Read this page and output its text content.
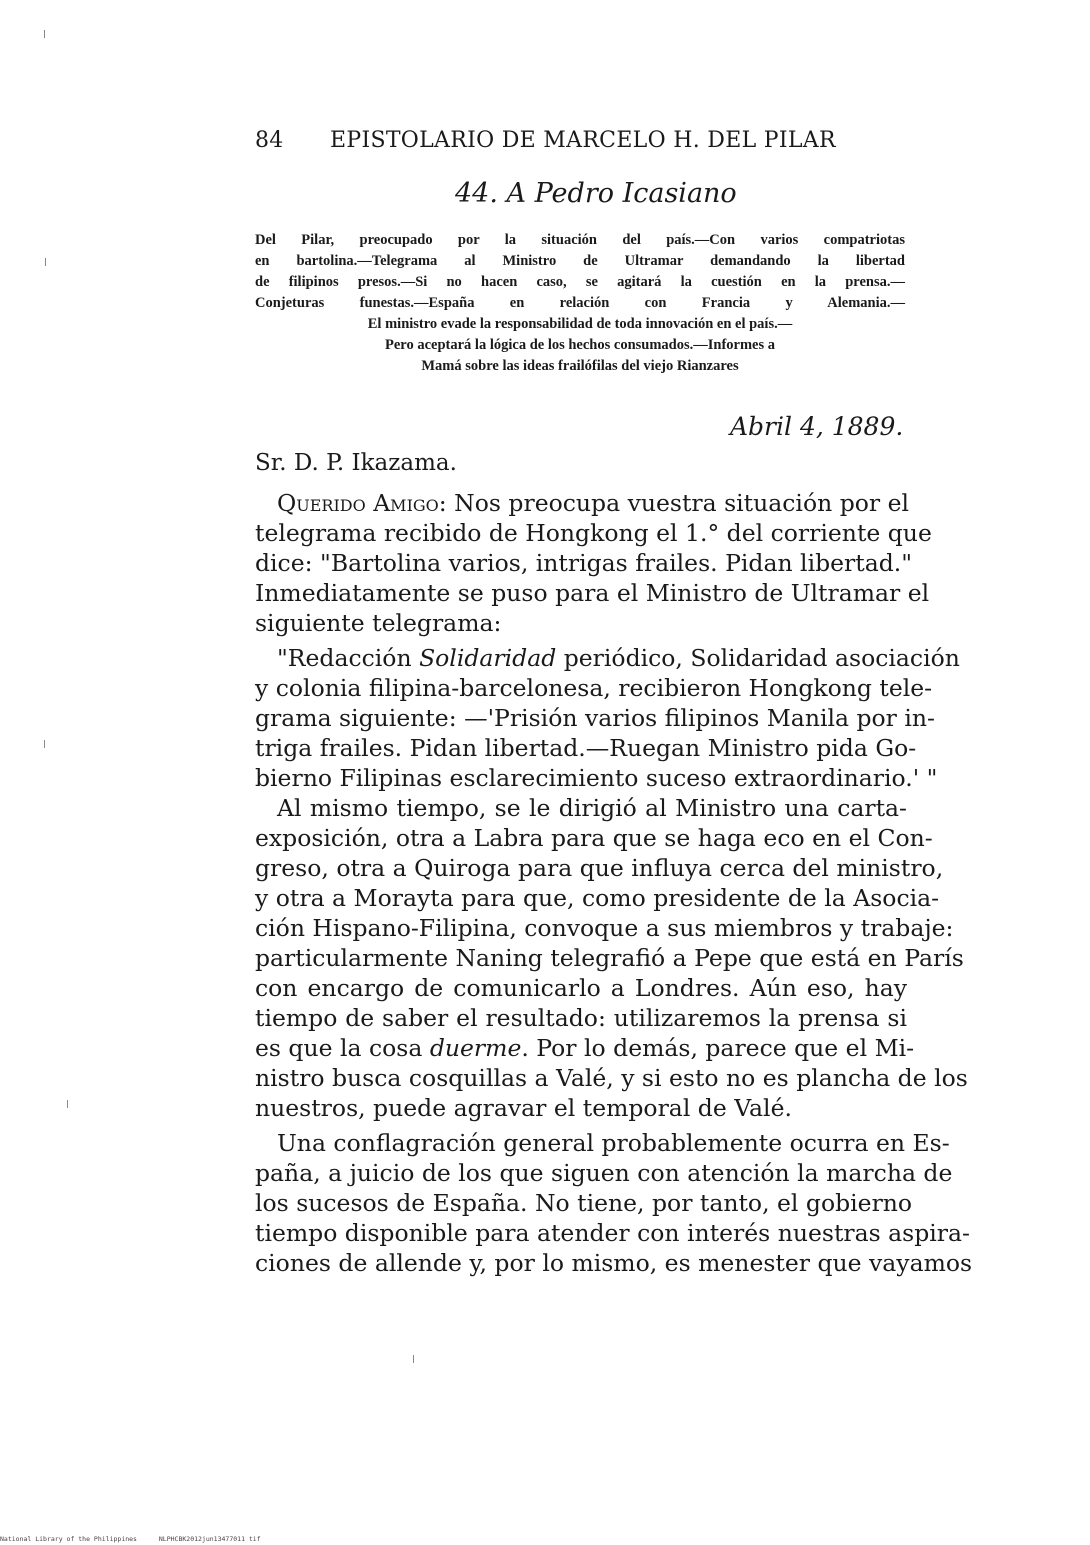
84 EPISTOLARIO DE MARCELO H. DEL PILAR
44. A Pedro Icasiano
Del Pilar, preocupado por la situación del país.—Con varios compatriotas
en bartolina.—Telegrama al Ministro de Ultramar demandando la libertad
de filipinos presos.—Si no hacen caso, se agitará la cuestión en la prensa.—
Conjeturas funestas.—España en relación con Francia y Alemania.—
El ministro evade la responsabilidad de toda innovación en el país.—
Pero aceptará la lógica de los hechos consumados.—Informes a
Mamá sobre las ideas frailófilas del viejo Rianzares
Abril 4, 1889.
Sr. D. P. Ikazama.
Querido Amigo: Nos preocupa vuestra situación por el
telegrama recibido de Hongkong el 1.° del corriente que
dice: "Bartolina varios, intrigas frailes. Pidan libertad."
Inmediatamente se puso para el Ministro de Ultramar el
siguiente telegrama:
"Redacción Solidaridad periódico, Solidaridad asociación
y colonia filipina-barcelonesa, recibieron Hongkong tele-
grama siguiente: —'Prisión varios filipinos Manila por in-
triga frailes. Pidan libertad.—Ruegan Ministro pida Go-
bierno Filipinas esclarecimiento suceso extraordinario.' "
Al mismo tiempo, se le dirigió al Ministro una carta-
exposición, otra a Labra para que se haga eco en el Con-
greso, otra a Quiroga para que influya cerca del ministro,
y otra a Morayta para que, como presidente de la Asocia-
ción Hispano-Filipina, convoque a sus miembros y trabaje:
particularmente Naning telegrafió a Pepe que está en París
con encargo de comunicarlo a Londres. Aún eso, hay
tiempo de saber el resultado: utilizaremos la prensa si
es que la cosa duerme. Por lo demás, parece que el Mi-
nistro busca cosquillas a Valé, y si esto no es plancha de los
nuestros, puede agravar el temporal de Valé.
Una conflagración general probablemente ocurra en Es-
paña, a juicio de los que siguen con atención la marcha de
los sucesos de España. No tiene, por tanto, el gobierno
tiempo disponible para atender con interés nuestras aspira-
ciones de allende y, por lo mismo, es menester que vayamos
National Library of the Philippines	NLPHCBK2012jun13477011 tif
